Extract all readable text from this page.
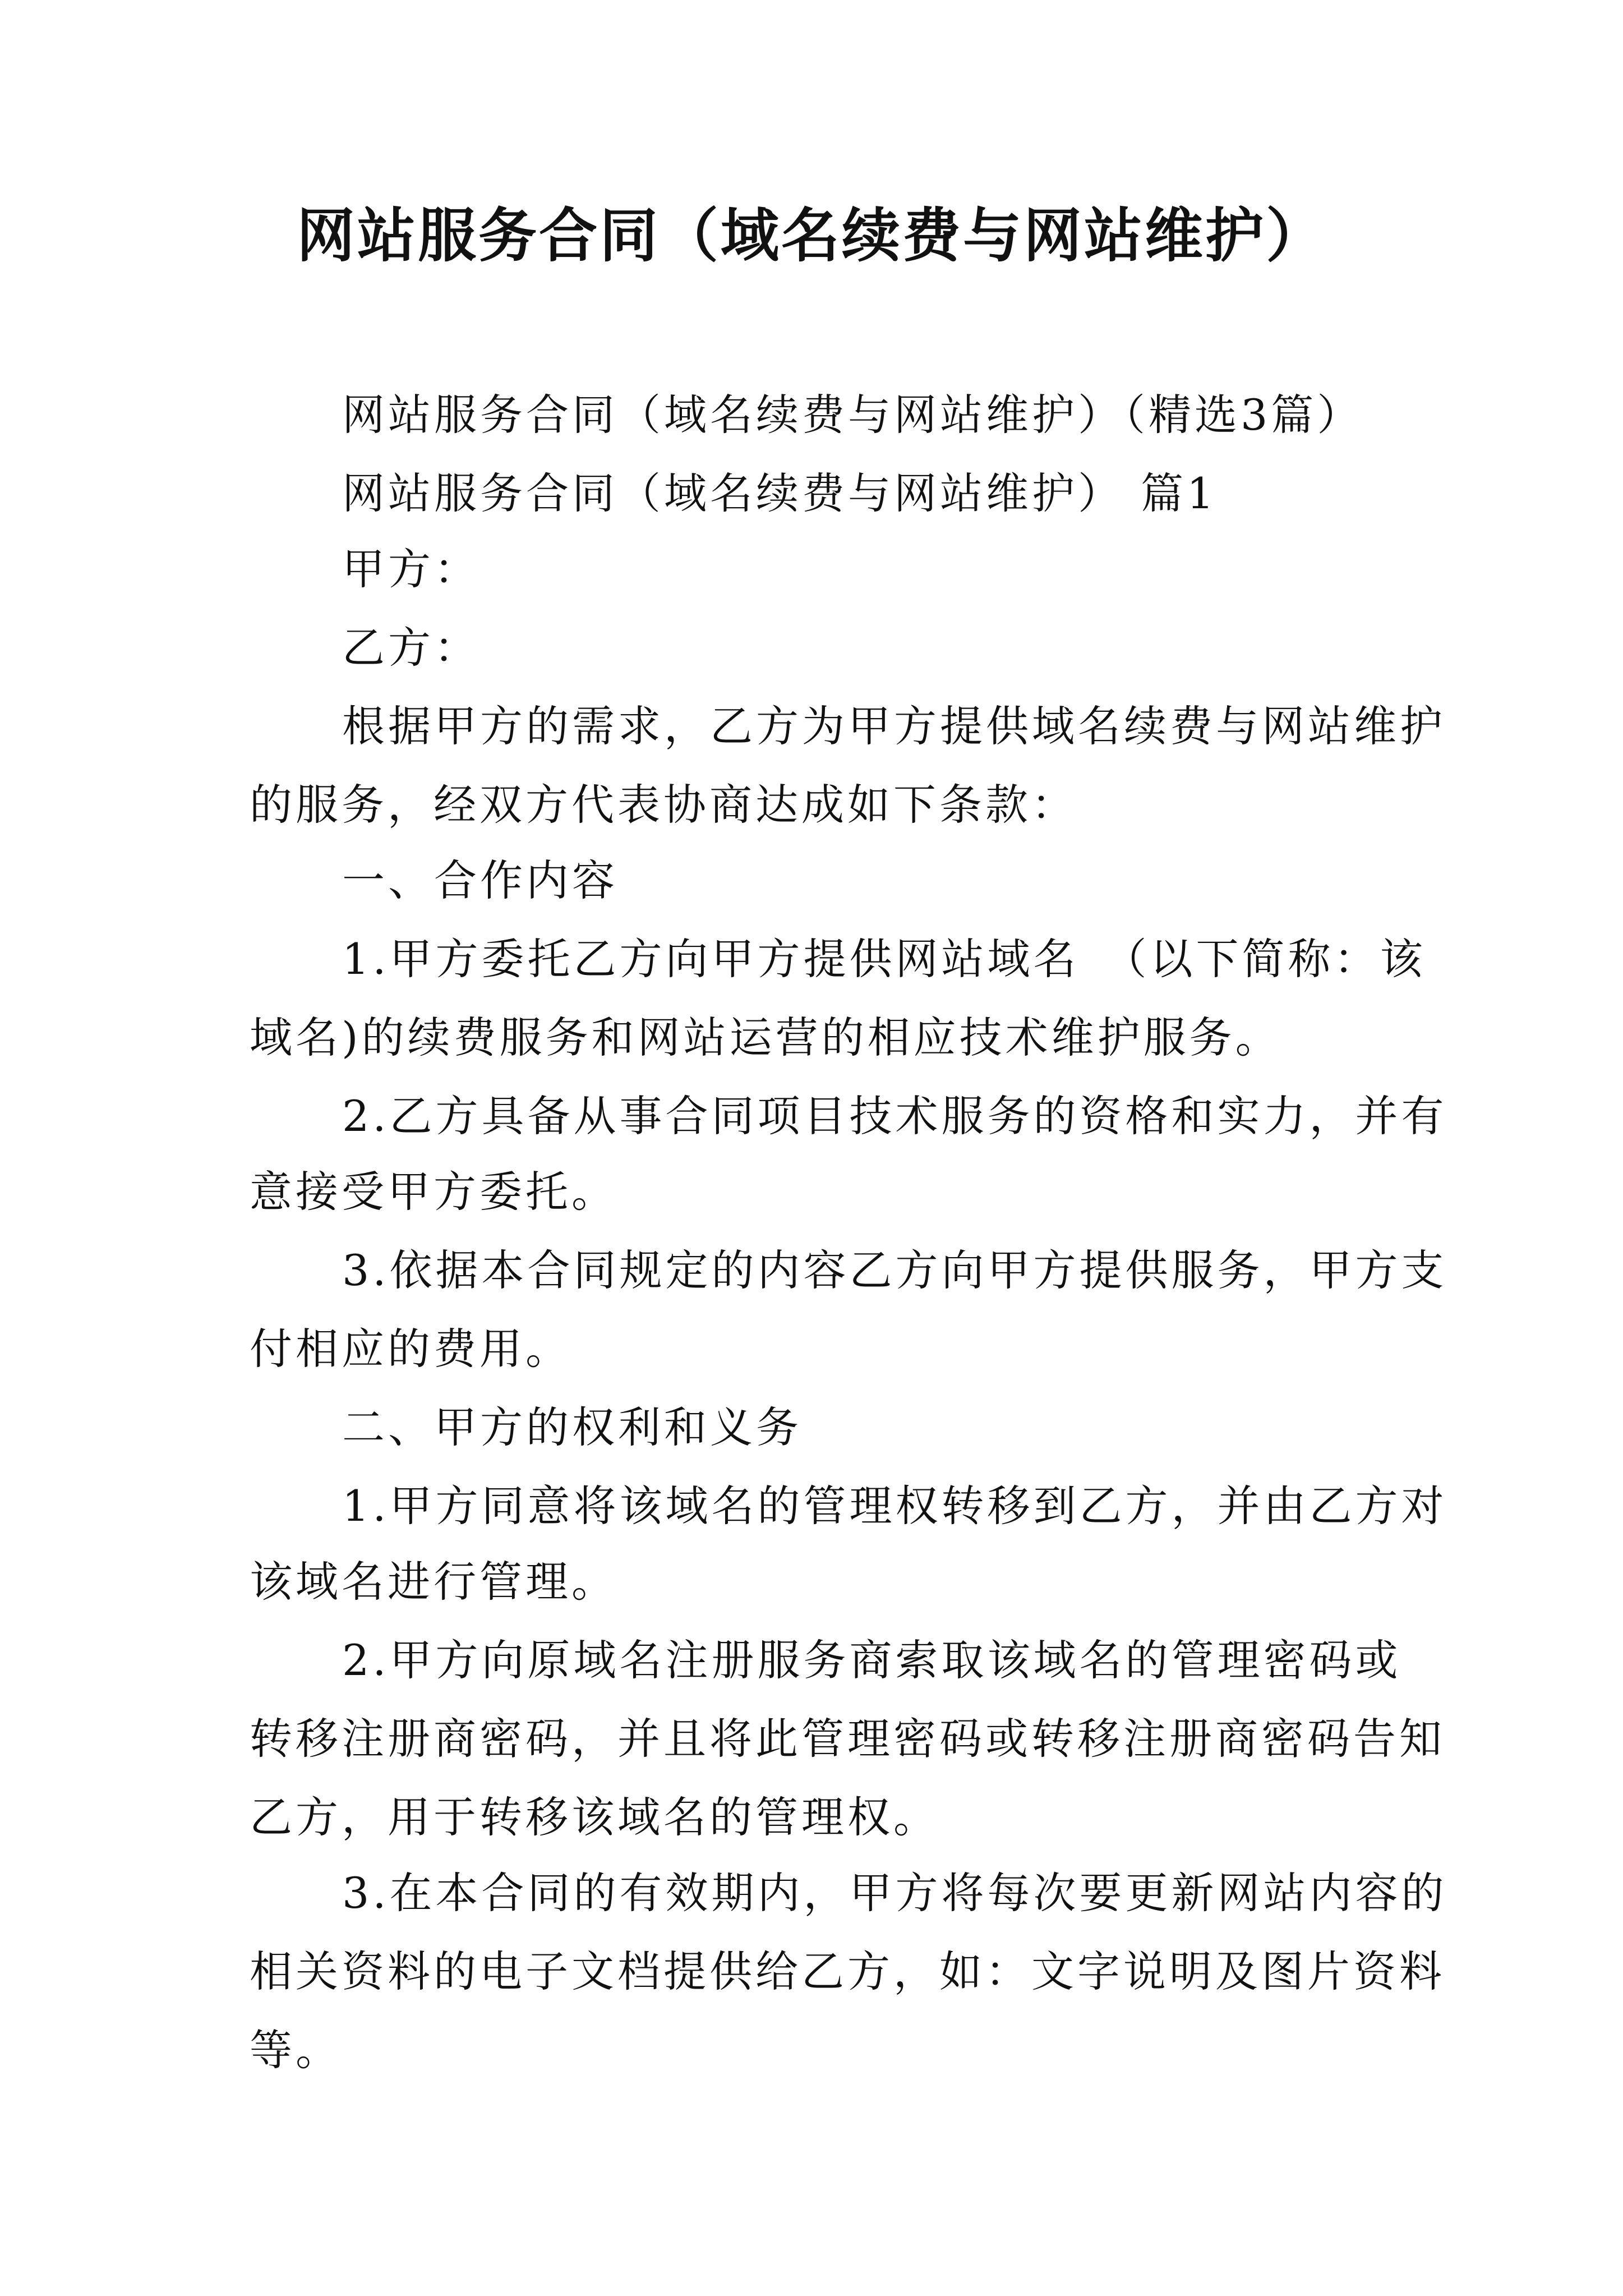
网站服务合同（域名续费与网站维护）
网站服务合同（域名续费与网站维护）（精选3篇）
网站服务合同（域名续费与网站维护） 篇1
甲方：
乙方：
根据甲方的需求，乙方为甲方提供域名续费与网站维护
的服务，经双方代表协商达成如下条款：
一、合作内容
1.甲方委托乙方向甲方提供网站域名　（以下简称：该
域名)的续费服务和网站运营的相应技术维护服务。
2.乙方具备从事合同项目技术服务的资格和实力，并有
意接受甲方委托。
3.依据本合同规定的内容乙方向甲方提供服务，甲方支
付相应的费用。
二、甲方的权利和义务
1.甲方同意将该域名的管理权转移到乙方，并由乙方对
该域名进行管理。
2.甲方向原域名注册服务商索取该域名的管理密码或
转移注册商密码，并且将此管理密码或转移注册商密码告知
乙方，用于转移该域名的管理权。
3.在本合同的有效期内，甲方将每次要更新网站内容的
相关资料的电子文档提供给乙方，如：文字说明及图片资料
等。
